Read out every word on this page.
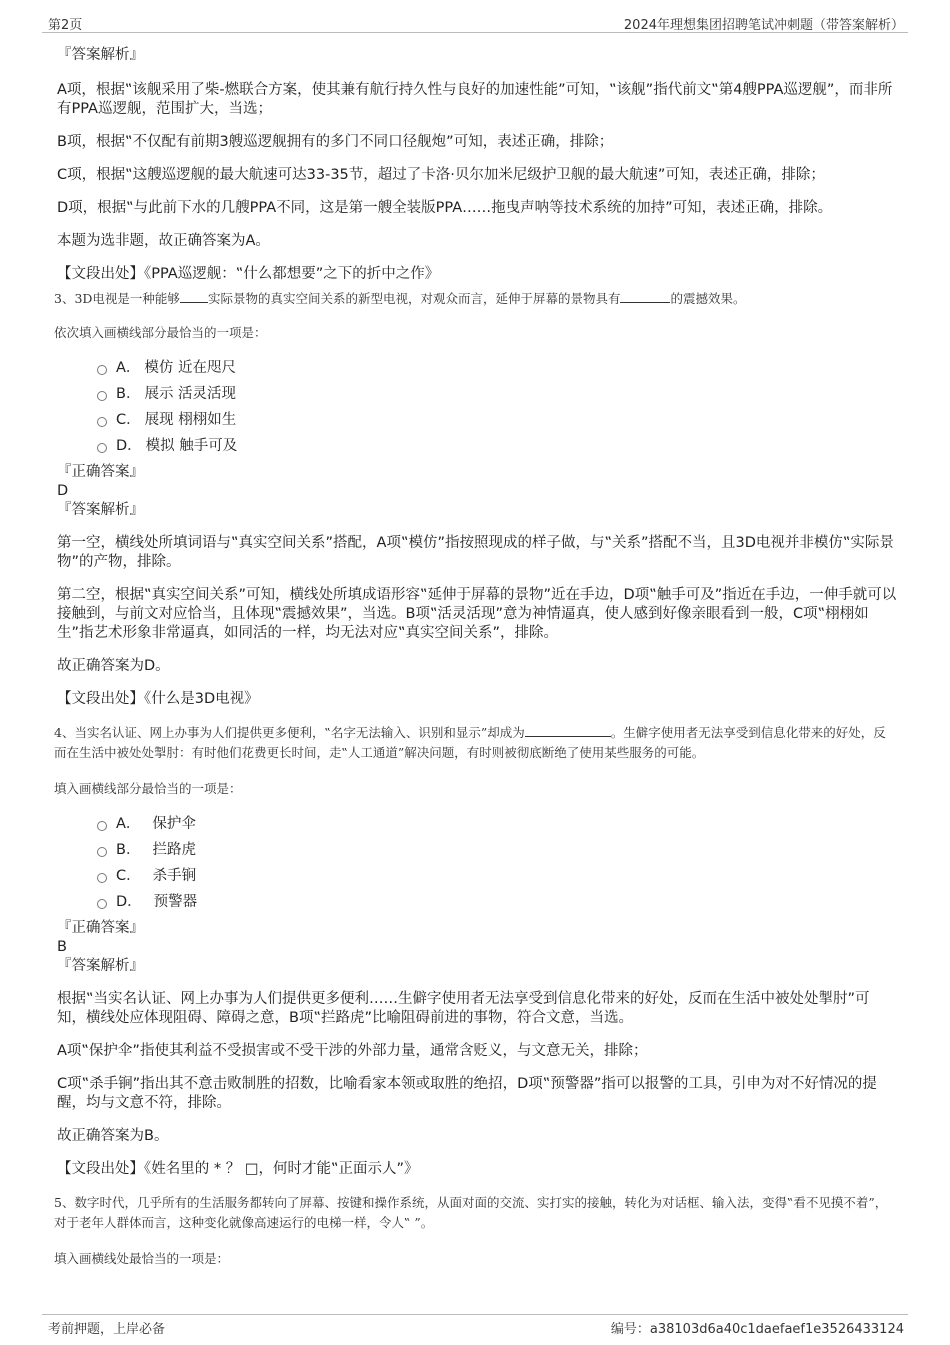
第2页	2024年理想集团招聘笔试冲刺题（带答案解析）

『答案解析』

A项，根据‟该舰采用了柴-燃联合方案，使其兼有航行持久性与良好的加速性能”可知，‟该舰”指代前文‟第4艘PPA巡逻舰”，而非所有PPA巡逻舰，范围扩大，当选；

B项，根据‟不仅配有前期3艘巡逻舰拥有的多门不同口径舰炮”可知，表述正确，排除；

C项，根据‟这艘巡逻舰的最大航速可达33-35节，超过了卡洛·贝尔加米尼级护卫舰的最大航速”可知，表述正确，排除；

D项，根据‟与此前下水的几艘PPA不同，这是第一艘全装版PPA……拖曳声呐等技术系统的加持”可知，表述正确，排除。

本题为选非题，故正确答案为A。

【文段出处】《PPA巡逻舰：‟什么都想要”之下的折中之作》

3、3D电视是一种能够 实际景物的真实空间关系的新型电视，对观众而言，延伸于屏幕的景物具有	的震撼效果。

依次填入画横线部分最恰当的一项是：

A． 模仿 近在咫尺
B． 展示 活灵活现
C． 展现 栩栩如生
D． 模拟 触手可及

『正确答案』

D

『答案解析』

第一空，横线处所填词语与‟真实空间关系”搭配，A项‟模仿”指按照现成的样子做，与‟关系”搭配不当，且3D电视并非模仿‟实际景物”的产物，排除。

第二空，根据‟真实空间关系”可知，横线处所填成语形容‟延伸于屏幕的景物”近在手边，D项‟触手可及”指近在手边，一伸手就可以接触到，与前文对应恰当，且体现‟震撼效果”，当选。B项‟活灵活现”意为神情逼真，使人感到好像亲眼看到一般，C项‟栩栩如生”指艺术形象非常逼真，如同活的一样，均无法对应‟真实空间关系”，排除。

故正确答案为D。

【文段出处】《什么是3D电视》

4、当实名认证、网上办事为人们提供更多便利，‟名字无法输入、识别和显示”却成为	。生僻字使用者无法享受到信息化带来的好处，反而在生活中被处处掣肘：有时他们花费更长时间，走‟人工通道”解决问题，有时则被彻底断绝了使用某些服务的可能。

填入画横线部分最恰当的一项是：

A． 保护伞
B． 拦路虎
C． 杀手锏
D． 预警器

『正确答案』

B

『答案解析』

根据‟当实名认证、网上办事为人们提供更多便利……生僻字使用者无法享受到信息化带来的好处，反而在生活中被处处掣肘”可知，横线处应体现阻碍、障碍之意，B项‟拦路虎”比喻阻碍前进的事物，符合文意，当选。

A项‟保护伞”指使其利益不受损害或不受干涉的外部力量，通常含贬义，与文意无关，排除；

C项‟杀手锏”指出其不意击败制胜的招数，比喻看家本领或取胜的绝招，D项‟预警器”指可以报警的工具，引申为对不好情况的提醒，均与文意不符，排除。

故正确答案为B。

【文段出处】《姓名里的 * ？ □，何时才能‟正面示人”》

5、数字时代，几乎所有的生活服务都转向了屏幕、按键和操作系统，从面对面的交流、实打实的接触，转化为对话框、输入法，变得‟看不见摸不着”，对于老年人群体而言，这种变化就像高速运行的电梯一样，令人‟ ”。

填入画横线处最恰当的一项是：

考前押题，上岸必备	编号：a38103d6a40c1daefaef1e3526433124
